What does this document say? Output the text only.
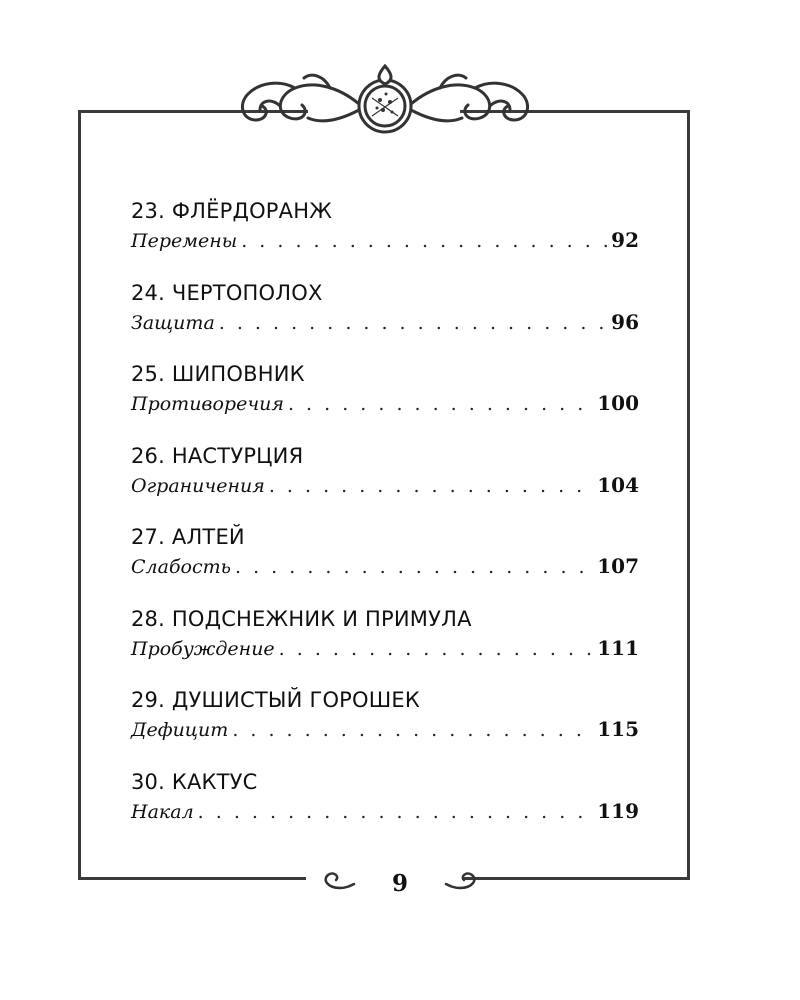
23. ФЛЁРДОРАНЖ
Перемены . . .	92
24. ЧЕРТОПОЛОХ
Защита . . .	96
25. ШИПОВНИК
Противоречия . . .	100
26. НАСТУРЦИЯ
Ограничения . . .	104
27. АЛТЕЙ
Слабость . . .	107
28. ПОДСНЕЖНИК И ПРИМУЛА
Пробуждение . . .	111
29. ДУШИСТЫЙ ГОРОШЕК
Дефицит . . .	115
30. КАКТУС
Накал . . .	119
9
